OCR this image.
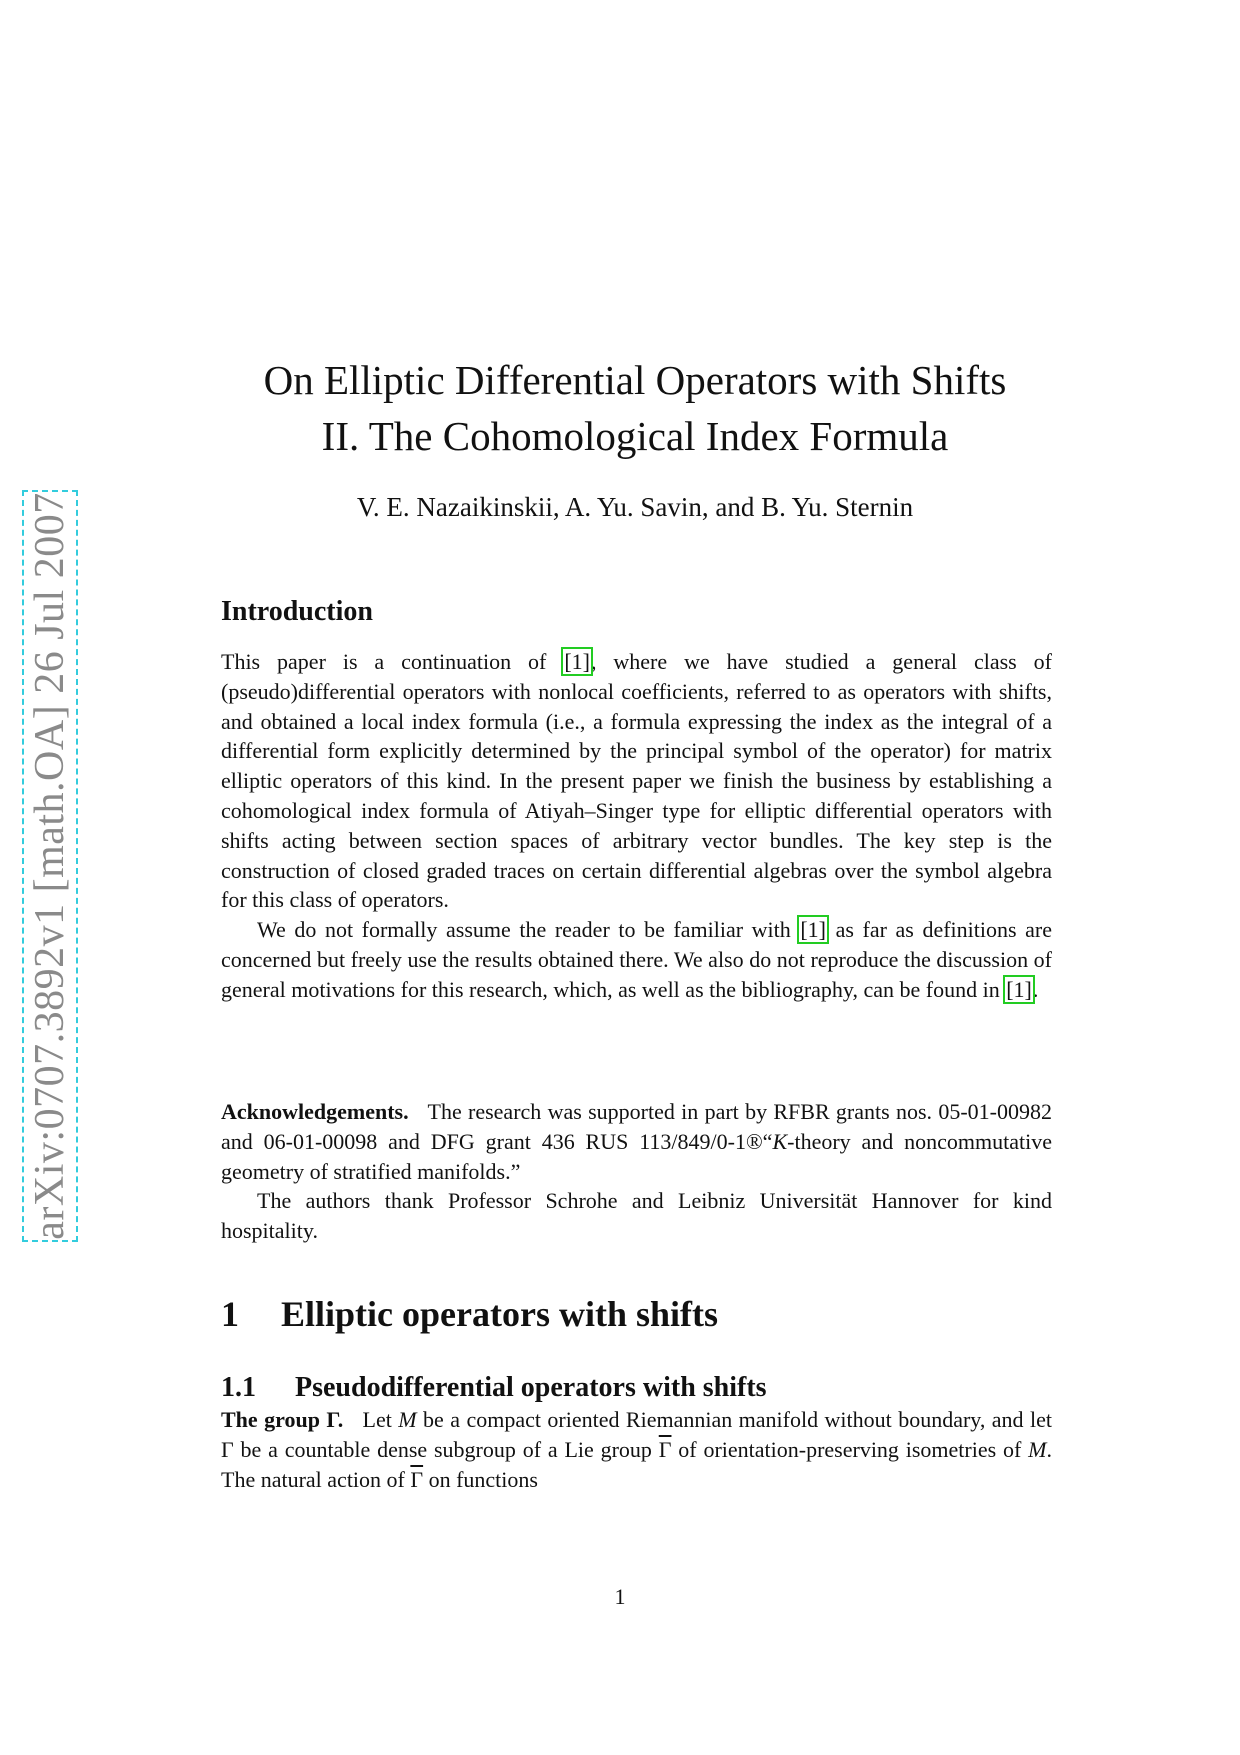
arXiv:0707.3892v1 [math.OA] 26 Jul 2007
On Elliptic Differential Operators with Shifts
II. The Cohomological Index Formula
V. E. Nazaikinskii, A. Yu. Savin, and B. Yu. Sternin
Introduction

This paper is a continuation of [1], where we have studied a general class of (pseudo)differential operators with nonlocal coefficients, referred to as operators with shifts, and obtained a local index formula (i.e., a formula expressing the index as the integral of a differential form explicitly determined by the principal symbol of the operator) for matrix elliptic operators of this kind. In the present paper we finish the business by establishing a cohomological index formula of Atiyah–Singer type for elliptic differential operators with shifts acting between section spaces of arbitrary vector bundles. The key step is the construction of closed graded traces on certain differential algebras over the symbol algebra for this class of operators.

We do not formally assume the reader to be familiar with [1] as far as definitions are concerned but freely use the results obtained there. We also do not reproduce the discussion of general motivations for this research, which, as well as the bibliography, can be found in [1].

Acknowledgements. The research was supported in part by RFBR grants nos. 05-01-00982 and 06-01-00098 and DFG grant 436 RUS 113/849/0-1®“K-theory and noncommutative geometry of stratified manifolds.”

The authors thank Professor Schrohe and Leibniz Universität Hannover for kind hospitality.

1 Elliptic operators with shifts
1.1 Pseudodifferential operators with shifts

The group Γ. Let M be a compact oriented Riemannian manifold without boundary, and let Γ be a countable dense subgroup of a Lie group $\overline{\Gamma}$ of orientation-preserving isometries of M. The natural action of $\overline{\Gamma}$ on functions

1
